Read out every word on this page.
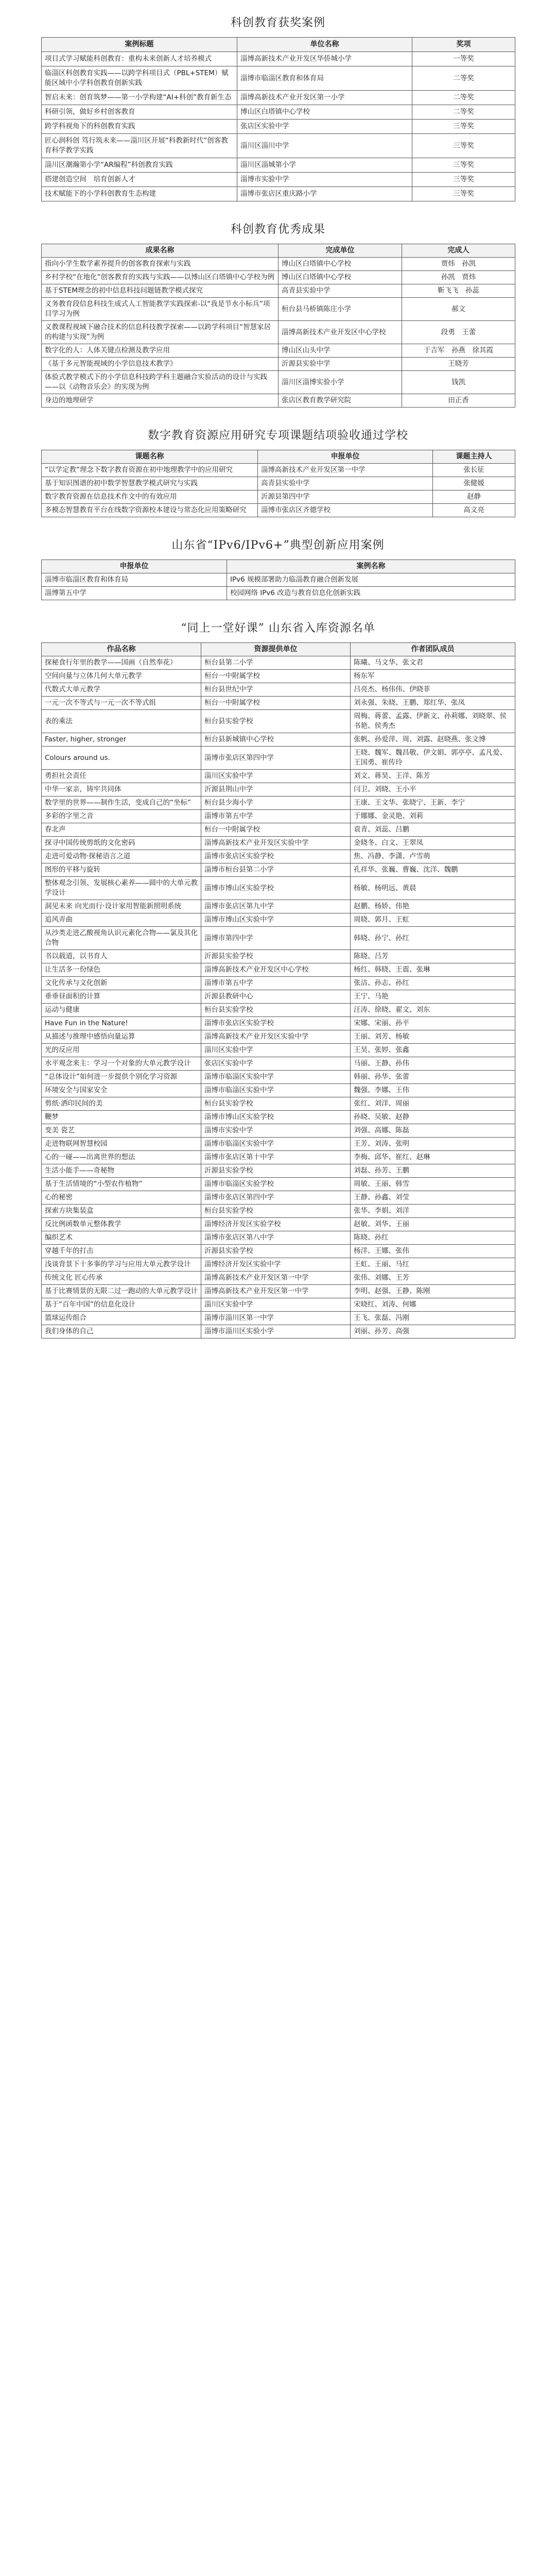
科创教育获奖案例
案例标题	单位名称	奖项
项目式学习赋能科创教育：重构未来创新人才培养模式	淄博高新技术产业开发区华侨城小学	一等奖
临淄区科创教育实践——以跨学科项目式（PBL+STEM）赋能区域中小学科创教育创新实践	淄博市临淄区教育和体育局	二等奖
智启未来：创育筑梦——第一小学构建“AI+科创”教育新生态	淄博高新技术产业开发区第一小学	二等奖
科研引领，做好乡村创客教育	博山区白塔镇中心学校	二等奖
跨学科视角下的科创教育实践	张店区实验中学	三等奖
匠心润科创 笃行筑未来——淄川区开展“科教新时代”创客教育科学教学实践	淄川区淄川中学	三等奖
淄川区潮瀚第小学“AR编程”科创教育实践	淄川区淄城第小学	三等奖
搭建创造空间　培育创新人才	淄博市实验中学	三等奖
技术赋能下的小学科创教育生态构建	淄博市张店区重庆路小学	三等奖
科创教育优秀成果
成果名称	完成单位	完成人
指向小学生数学素养提升的创客教育探索与实践	博山区白塔镇中心学校	贾炜　孙凯
乡村学校“在地化”创客教育的实践与实践——以博山区白塔镇中心学校为例	博山区白塔镇中心学校	孙凯　贾炜
基于STEM理念的初中信息科技问题链教学模式探究	高青县实验中学	靳飞飞　孙蕊
义务教育段信息科技生成式人工智能教学实践探索-以“我是节水小标兵”项目学习为例	桓台县马桥镇陈庄小学	郝文
义教课程视域下融合技术的信息科技教学探索——以跨学科项目“智慧家居的构建与实现”为例	淄博高新技术产业开发区中心学校	段勇　王蕾
数字化的人：人体关键点检测及教学应用	博山区山头中学	于吉军　孙燕　徐其霞
《基于多元智能视域的小学信息技术教学》	沂源县实验中学	王晓芳
体验式教学模式下的小学信息科技跨学科主题融合实验活动的设计与实践——以《动物音乐会》的实现为例	淄川区淄博实验小学	钱凯
身边的地理研学	张店区教育教学研究院	田正香
数字教育资源应用研究专项课题结项验收通过学校
课题名称	申报单位	课题主持人
“以学定教”理念下数字教育资源在初中地理教学中的应用研究	淄博高新技术产业开发区第一中学	张长征
基于知识图谱的初中数学智慧教学模式研究与实践	高青县实验中学	张健媛
数字教育资源在信息技术作文中的有效应用	沂源县第四中学	赵静
多模态智慧教育平台在线数字资源校本建设与常态化应用策略研究	淄博市张店区齐德学校	高文亮
山东省“IPv6/IPv6+”典型创新应用案例
申报单位	案例名称
淄博市临淄区教育和体育局	IPv6 规模部署助力临淄教育融合创新发展
淄博第五中学	校园网络 IPv6 改造与教育信息化创新实践
“同上一堂好课” 山东省入库资源名单
作品名称	资源提供单位	作者团队成员
探秘食行年里的教学——国画（自然奉花）	桓台县第二小学	陈曦、马文华、张文君
空间向量与立体几何大单元教学	桓台一中附属学校	杨东军
代数式大单元教学	桓台县世纪中学	吕亮杰、杨伟伟、伊晓菲
一元一次不等式与一元一次不等式组	桓台一中附属学校	刘永强、朱晓、王鹏、郑红华、张凤
表的乘法	桓台县实验学校	周梅、蒋蕾、孟露、伊新文、孙莉娜、刘晓翠、侯书艳、侯秀杰
Faster, higher, stronger	桓台县新城镇中心学校	张帆、孙爱萍、周、刘露、赵晓燕、张文博
Colours around us.	淄博市张店区第四中学	王晓、魏军、魏昌敬、伊文娟、郭亭亭、孟凡爱、王国勇、崔传玲
勇担社会责任	淄川区实验中学	刘文、蒋昊、王洋、陈芳
中华一家亲，铸牢共同体	沂源县荆山中学	闫卫、刘晓、王小平
数学里的世界——制作生活，变成自己的“坐标”	桓台县少海小学	王康、王文华、张晓宁、王新、李宁
多彩的字里之音	淄博市第五中学	于娜娜、金灵艳、刘莉
春北声	桓台一中附属学校	袁青、刘蕊、吕鹏
探寻中国传统剪纸的文化密码	淄博高新技术产业开发区实验中学	金晓冬、白文、王翠凤
走进可爱动物·探秘语言之道	淄博市张店区实验学校	焦、冯静、李潇、卢雪萌
图形的平移与旋转	淄博市桓台县第二小学	孔祥华、张巍、曹巍、沈洋、魏鹏
整体观念引领、发展核心素养——圆中的大单元教学设计	淄博市博山区实验学校	杨敏、杨明远、黄晨
洞见未来 向光而行·设计家用智能新照明系统	淄博市张店区第九中学	赵鹏、杨娇、伟艳
追风弄曲	淄博市博山区实验中学	周晓、郭月、王虹
从沙类走进乙酸视角认识元素化合物——氯及其化合物	淄博市第四中学	韩晓、孙宁、孙红
书以载道，以书育人	沂源县实验学校	陈晓、吕芳
让生活多一份绿色	淄博高新技术产业开发区中心学校	杨红、韩晓、王震、张琳
文化传承与文化创新	淄博市第五中学	张洁、孙志、孙红
垂垂昼面积的计算	沂源县教研中心	王宁、马艳
运动与健康	桓台县实验学校	汪涛、徐晓、翟文、刘东
Have Fun in the Nature!	淄博市张店区实验学校	宋娜、宋丽、孙平
从描述与推理中感悟向量运算	淄博高新技术产业开发区实验中学	王丽、刘芳、杨敏
光的反应用	淄川区实验中学	王昊、张婷、张鑫
水平观念来主：学习一个对象的大单元教学设计	张店区实验中学	马丽、王静、孙伟
“总体设计”如何进一步提供个别化学习资源	淄博市临淄区实验中学	韩丽、孙华、张蕾
环境安全与国家安全	淄博市临淄区实验中学	魏强、李娜、王伟
剪纸·洒印民间的美	桓台县实验学校	张红、刘洋、周丽
鞭梦	淄博市博山区实验学校	孙晓、吴敏、赵静
变美 瓷艺	淄博市实验中学	刘强、高娜、陈磊
走进物联网智慧校园	淄博市临淄区实验中学	王芳、刘涛、张明
心的一碰——出离世界的想法	淄博市张店区第十中学	李梅、邱华、崔红、赵琳
生活小能手——奇秘物	沂源县实验学校	刘磊、孙芳、王鹏
基于生活情境的“小型农作植物”	淄博市临淄区实验学校	周敏、王丽、韩雪
心的秘密	淄博市张店区第四中学	王静、孙鑫、刘莹
探索方块集装盒	桓台县实验学校	张华、李娟、刘洋
反比例函数单元整体教学	淄博经济开发区实验学校	赵敏、刘华、王丽
编织艺术	淄博市张店区第八中学	陈晓、孙红
穿越千年的打击	沂源县实验学校	杨洋、王娜、张伟
浅谈背景下十多事的学习与应用大单元教学设计	淄博经济开发区实验中学	王虹、王丽、马红
传统文化 匠心传承	淄博高新技术产业开发区第一中学	张伟、刘娜、王芳
基于比赛情景的无限二过一跑动的大单元教学设计	淄博高新技术产业开发区第一中学	李明、赵强、王静、陈刚
基于“百年中国”的信息化设计	淄川区实验中学	宋晓红、刘涛、何娜
篮球运传组合	淄博市淄川区第一中学	王飞、张磊、冯刚
我们身体的自己	淄博市淄川区实验小学	刘丽、孙芳、高强
